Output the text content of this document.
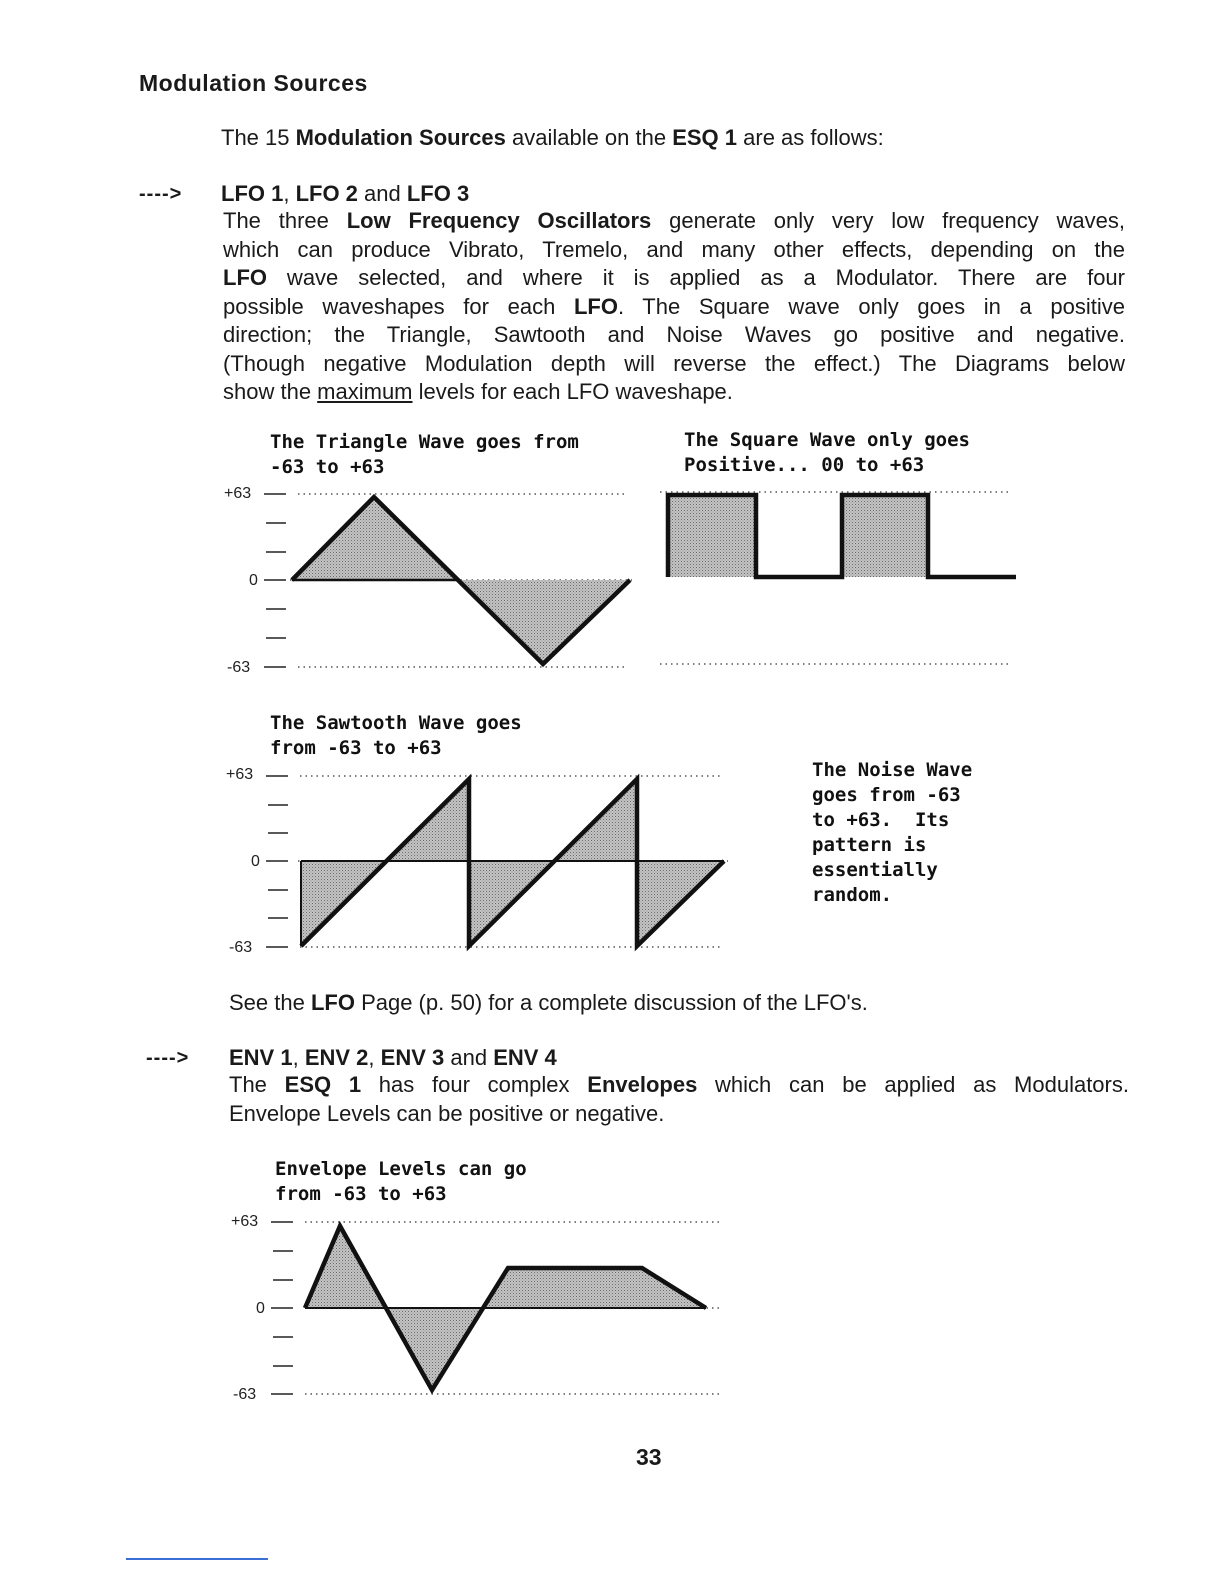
Modulation Sources
The 15 Modulation Sources available on the ESQ 1 are as follows:
----> LFO 1, LFO 2 and LFO 3
The three Low Frequency Oscillators generate only very low frequency waves,
which can produce Vibrato, Tremelo, and many other effects, depending on the
LFO wave selected, and where it is applied as a Modulator. There are four
possible waveshapes for each LFO. The Square wave only goes in a positive
direction; the Triangle, Sawtooth and Noise Waves go positive and negative.
(Though negative Modulation depth will reverse the effect.) The Diagrams below
show the maximum levels for each LFO waveshape.
The Triangle Wave goes from
-63 to +63
The Square Wave only goes
Positive... 00 to +63
The Sawtooth Wave goes
from -63 to +63
The Noise Wave
goes from -63
to +63.  Its
pattern is
essentially
random.
Envelope Levels can go
from -63 to +63
+63
0
-63
+63
0
-63
+63
0
-63
See the LFO Page (p. 50) for a complete discussion of the LFO's.
----> ENV 1, ENV 2, ENV 3 and ENV 4
The ESQ 1 has four complex Envelopes which can be applied as Modulators.
Envelope Levels can be positive or negative.
33
